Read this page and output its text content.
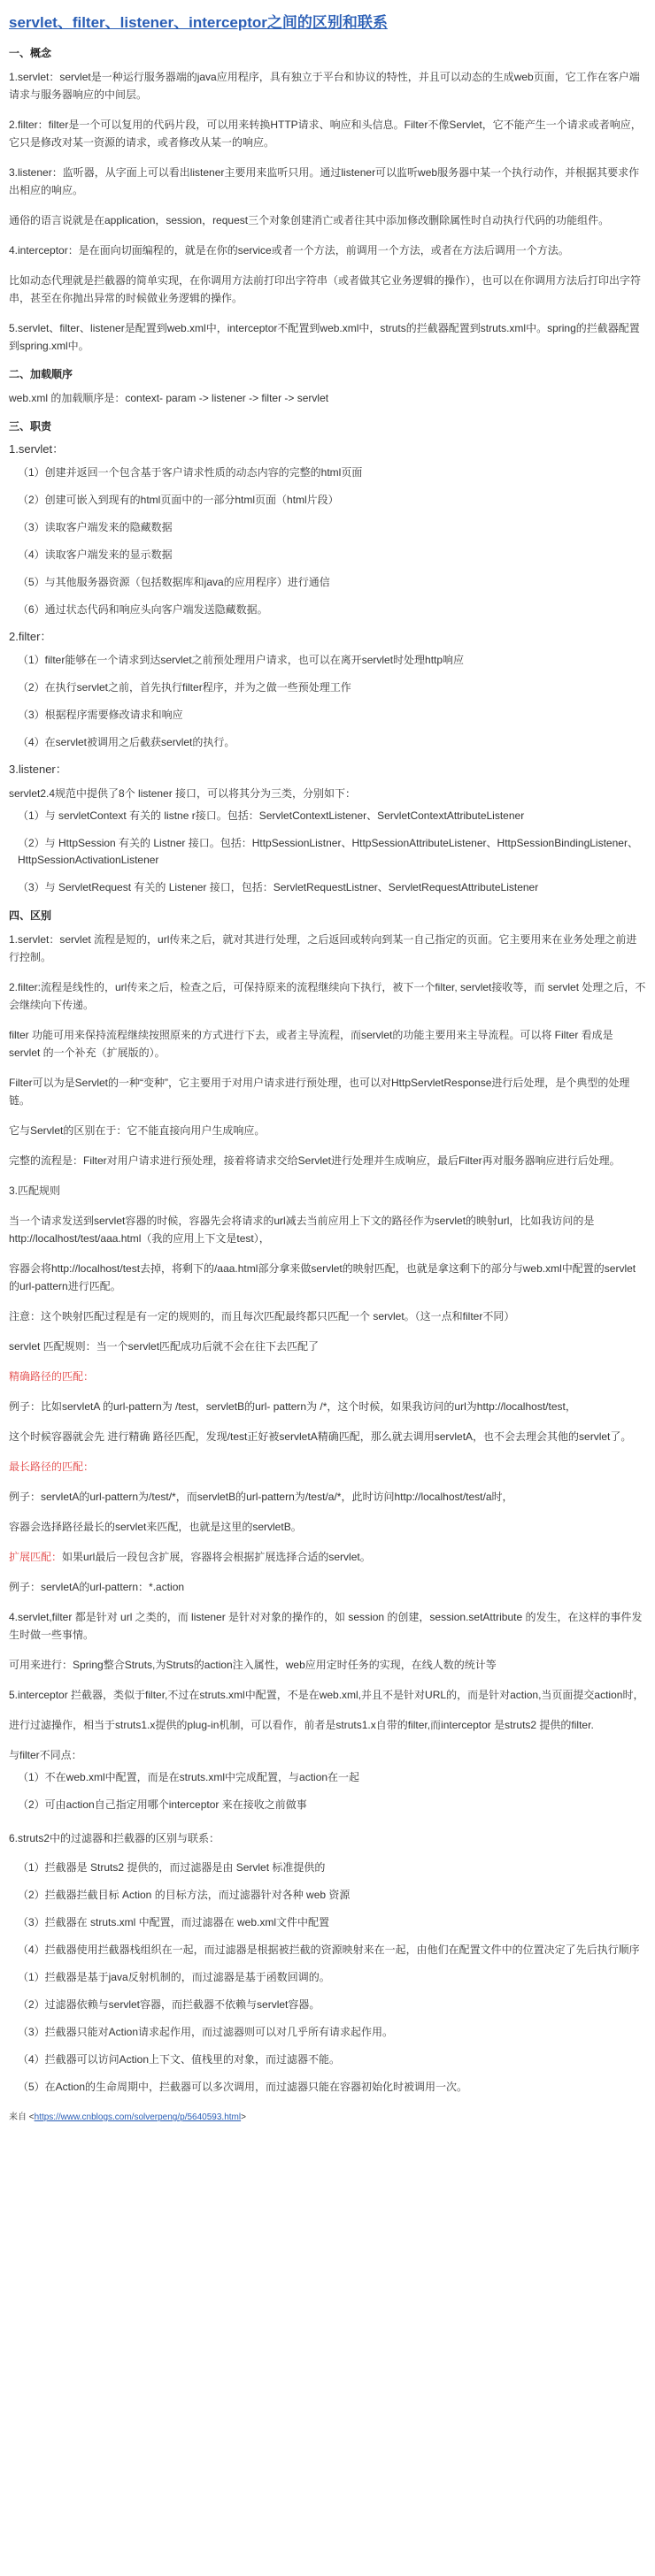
servlet、filter、listener、interceptor之间的区别和联系
一、概念
1.servlet：servlet是一种运行服务器端的java应用程序，具有独立于平台和协议的特性，并且可以动态的生成web页面，它工作在客户端请求与服务器响应的中间层。
2.filter：filter是一个可以复用的代码片段，可以用来转换HTTP请求、响应和头信息。Filter不像Servlet，它不能产生一个请求或者响应，它只是修改对某一资源的请求，或者修改从某一的响应。
3.listener：监听器，从字面上可以看出listener主要用来监听只用。通过listener可以监听web服务器中某一个执行动作，并根据其要求作出相应的响应。
通俗的语言说就是在application，session，request三个对象创建消亡或者往其中添加修改删除属性时自动执行代码的功能组件。
4.interceptor：是在面向切面编程的，就是在你的service或者一个方法，前调用一个方法，或者在方法后调用一个方法。
比如动态代理就是拦截器的简单实现，在你调用方法前打印出字符串（或者做其它业务逻辑的操作），也可以在你调用方法后打印出字符串，甚至在你抛出异常的时候做业务逻辑的操作。
5.servlet、filter、listener是配置到web.xml中，interceptor不配置到web.xml中，struts的拦截器配置到struts.xml中。spring的拦截器配置到spring.xml中。
二、加载顺序
web.xml 的加载顺序是：context- param -> listener -> filter -> servlet
三、职责
1.servlet：
（1）创建并返回一个包含基于客户请求性质的动态内容的完整的html页面
（2）创建可嵌入到现有的html页面中的一部分html页面（html片段）
（3）读取客户端发来的隐藏数据
（4）读取客户端发来的显示数据
（5）与其他服务器资源（包括数据库和java的应用程序）进行通信
（6）通过状态代码和响应头向客户端发送隐藏数据。
2.filter：
（1）filter能够在一个请求到达servlet之前预处理用户请求，也可以在离开servlet时处理http响应
（2）在执行servlet之前，首先执行filter程序，并为之做一些预处理工作
（3）根据程序需要修改请求和响应
（4）在servlet被调用之后截获servlet的执行。
3.listener：
servlet2.4规范中提供了8个 listener 接口，可以将其分为三类，分别如下：
（1）与 servletContext 有关的 listne r接口。包括：ServletContextListener、ServletContextAttributeListener
（2）与 HttpSession 有关的 Listner 接口。包括：HttpSessionListner、HttpSessionAttributeListener、HttpSessionBindingListener、HttpSessionActivationListener
（3）与 ServletRequest 有关的 Listener 接口，包括：ServletRequestListner、ServletRequestAttributeListener
四、区别
1.servlet：servlet 流程是短的，url传来之后，就对其进行处理，之后返回或转向到某一自己指定的页面。它主要用来在业务处理之前进行控制。
2.filter:流程是线性的，url传来之后，检查之后，可保持原来的流程继续向下执行，被下一个filter, servlet接收等，而 servlet 处理之后，不会继续向下传递。
filter 功能可用来保持流程继续按照原来的方式进行下去，或者主导流程，而servlet的功能主要用来主导流程。可以将 Filter 看成是 servlet 的一个补充（扩展版的）。
Filter可以为是Servlet的一种“变种”，它主要用于对用户请求进行预处理，也可以对HttpServletResponse进行后处理，是个典型的处理链。
它与Servlet的区别在于：它不能直接向用户生成响应。
完整的流程是：Filter对用户请求进行预处理，接着将请求交给Servlet进行处理并生成响应，最后Filter再对服务器响应进行后处理。
3.匹配规则
当一个请求发送到servlet容器的时候，容器先会将请求的url减去当前应用上下文的路径作为servlet的映射url，比如我访问的是http://localhost/test/aaa.html（我的应用上下文是test），
容器会将http://localhost/test去掉，将剩下的/aaa.html部分拿来做servlet的映射匹配，也就是拿这剩下的部分与web.xml中配置的servlet的url-pattern进行匹配。
注意：这个映射匹配过程是有一定的规则的，而且每次匹配最终都只匹配一个 servlet。（这一点和filter不同）
servlet 匹配规则：当一个servlet匹配成功后就不会在往下去匹配了
精确路径的匹配：
例子：比如servletA 的url-pattern为 /test，servletB的url- pattern为 /*，这个时候，如果我访问的url为http://localhost/test，
这个时候容器就会先 进行精确 路径匹配，发现/test正好被servletA精确匹配，那么就去调用servletA，也不会去理会其他的servlet了。
最长路径的匹配：
例子：servletA的url-pattern为/test/*，而servletB的url-pattern为/test/a/*，此时访问http://localhost/test/a时，
容器会选择路径最长的servlet来匹配，也就是这里的servletB。
扩展匹配：如果url最后一段包含扩展，容器将会根据扩展选择合适的servlet。
例子：servletA的url-pattern：*.action
4.servlet,filter 都是针对 url 之类的，而 listener 是针对对象的操作的，如 session 的创建，session.setAttribute 的发生，在这样的事件发生时做一些事情。
可用来进行：Spring整合Struts,为Struts的action注入属性，web应用定时任务的实现，在线人数的统计等
5.interceptor 拦截器，类似于filter,不过在struts.xml中配置，不是在web.xml,并且不是针对URL的，而是针对action,当页面提交action时，
进行过滤操作，相当于struts1.x提供的plug-in机制，可以看作，前者是struts1.x自带的filter,而interceptor 是struts2 提供的filter.
与filter不同点：
（1）不在web.xml中配置，而是在struts.xml中完成配置，与action在一起
（2）可由action自己指定用哪个interceptor 来在接收之前做事
6.struts2中的过滤器和拦截器的区别与联系：
（1）拦截器是 Struts2 提供的，而过滤器是由 Servlet 标准提供的
（2）拦截器拦截目标 Action 的目标方法，而过滤器针对各种 web 资源
（3）拦截器在 struts.xml 中配置，而过滤器在 web.xml文件中配置
（4）拦截器使用拦截器栈组织在一起，而过滤器是根据被拦截的资源映射来在一起，由他们在配置文件中的位置决定了先后执行顺序
（1）拦截器是基于java反射机制的，而过滤器是基于函数回调的。
（2）过滤器依赖与servlet容器，而拦截器不依赖与servlet容器。
（3）拦截器只能对Action请求起作用，而过滤器则可以对几乎所有请求起作用。
（4）拦截器可以访问Action上下文、值栈里的对象，而过滤器不能。
（5）在Action的生命周期中，拦截器可以多次调用，而过滤器只能在容器初始化时被调用一次。
来自 <https://www.cnblogs.com/solverpeng/p/5640593.html>
